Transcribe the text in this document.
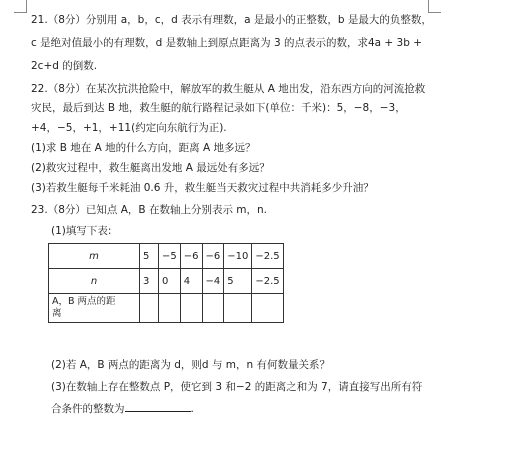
21.（8分）分别用 a，b，c，d 表示有理数，a 是最小的正整数，b 是最大的负整数，
c 是绝对值最小的有理数，d 是数轴上到原点距离为 3 的点表示的数，求4a + 3b +
2c+d 的倒数.
22.（8分）在某次抗洪抢险中，解放军的救生艇从 A 地出发，沿东西方向的河流抢救
灾民，最后到达 B 地，救生艇的航行路程记录如下(单位：千米)：5，−8，−3，
+4，−5，+1，+11(约定向东航行为正).
(1)求 B 地在 A 地的什么方向，距离 A 地多远？
(2)救灾过程中，救生艇离出发地 A 最远处有多远？
(3)若救生艇每千米耗油 0.6 升，救生艇当天救灾过程中共消耗多少升油？
23.（8分）已知点 A，B 在数轴上分别表示 m，n.
(1)填写下表:
m	5	−5	−6	−6	−10	−2.5
n	3	0	4	−4	5	−2.5
A，B 两点的距
离						
(2)若 A，B 两点的距离为 d，则d 与 m，n 有何数量关系？
(3)在数轴上存在整数点 P，使它到 3 和−2 的距离之和为 7，请直接写出所有符
合条件的整数为	.
